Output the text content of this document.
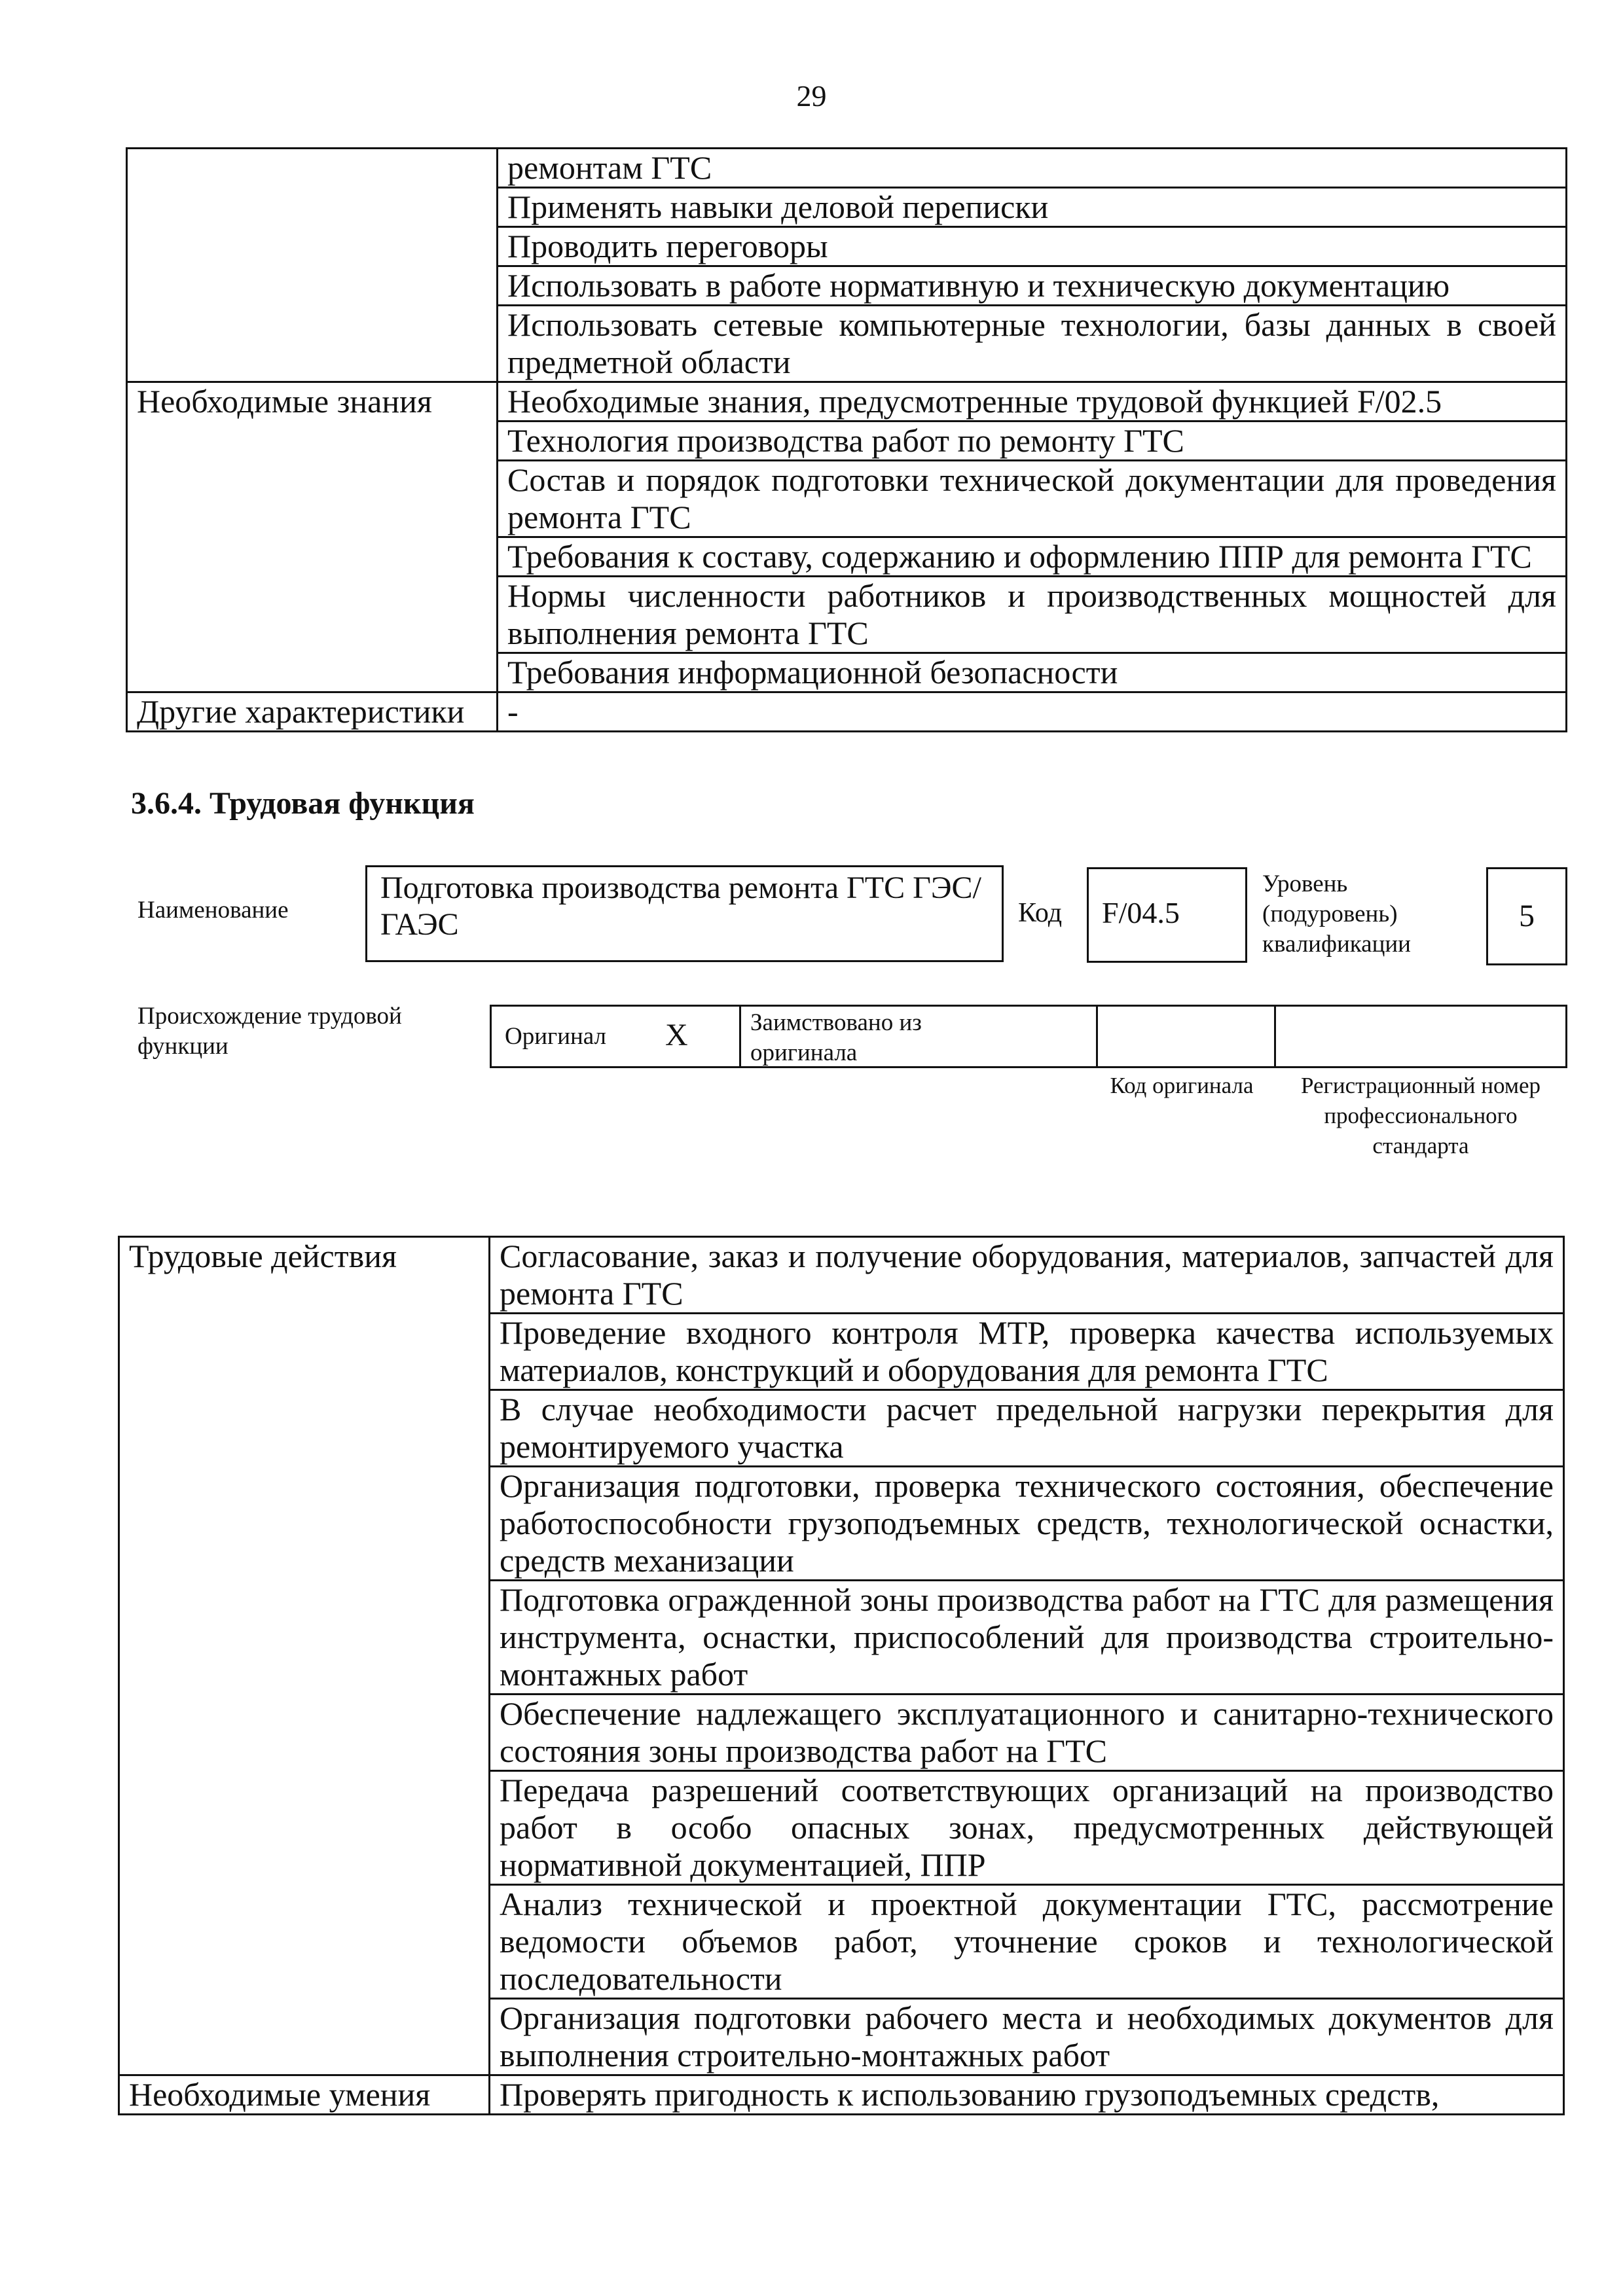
29
	ремонтам ГТС
	Применять навыки деловой переписки
	Проводить переговоры
	Использовать в работе нормативную и техническую документацию
	Использовать сетевые компьютерные технологии, базы данных в своей предметной области
Необходимые знания	Необходимые знания, предусмотренные трудовой функцией F/02.5
	Технология производства работ по ремонту ГТС
	Состав и порядок подготовки технической документации для проведения ремонта ГТС
	Требования к составу, содержанию и оформлению ППР для ремонта ГТС
	Нормы численности работников и производственных мощностей для выполнения ремонта ГТС
	Требования информационной безопасности
Другие характеристики	-
3.6.4. Трудовая функция
Наименование
Подготовка производства ремонта ГТС ГЭС/ГАЭС	Код	F/04.5
Уровень (подуровень) квалификации
5
Происхождение трудовой функции	Оригинал X	Заимствовано из оригинала
Код оригинала	Регистрационный номер профессионального стандарта
Трудовые действия	Согласование, заказ и получение оборудования, материалов, запчастей для ремонта ГТС
	Проведение входного контроля МТР, проверка качества используемых материалов, конструкций и оборудования для ремонта ГТС
	В случае необходимости расчет предельной нагрузки перекрытия для ремонтируемого участка
	Организация подготовки, проверка технического состояния, обеспечение работоспособности грузоподъемных средств, технологической оснастки, средств механизации
	Подготовка огражденной зоны производства работ на ГТС для размещения инструмента, оснастки, приспособлений для производства строительно-монтажных работ
	Обеспечение надлежащего эксплуатационного и санитарно-технического состояния зоны производства работ на ГТС
	Передача разрешений соответствующих организаций на производство работ в особо опасных зонах, предусмотренных действующей нормативной документацией, ППР
	Анализ технической и проектной документации ГТС, рассмотрение ведомости объемов работ, уточнение сроков и технологической последовательности
	Организация подготовки рабочего места и необходимых документов для выполнения строительно-монтажных работ
Необходимые умения	Проверять пригодность к использованию грузоподъемных средств,
